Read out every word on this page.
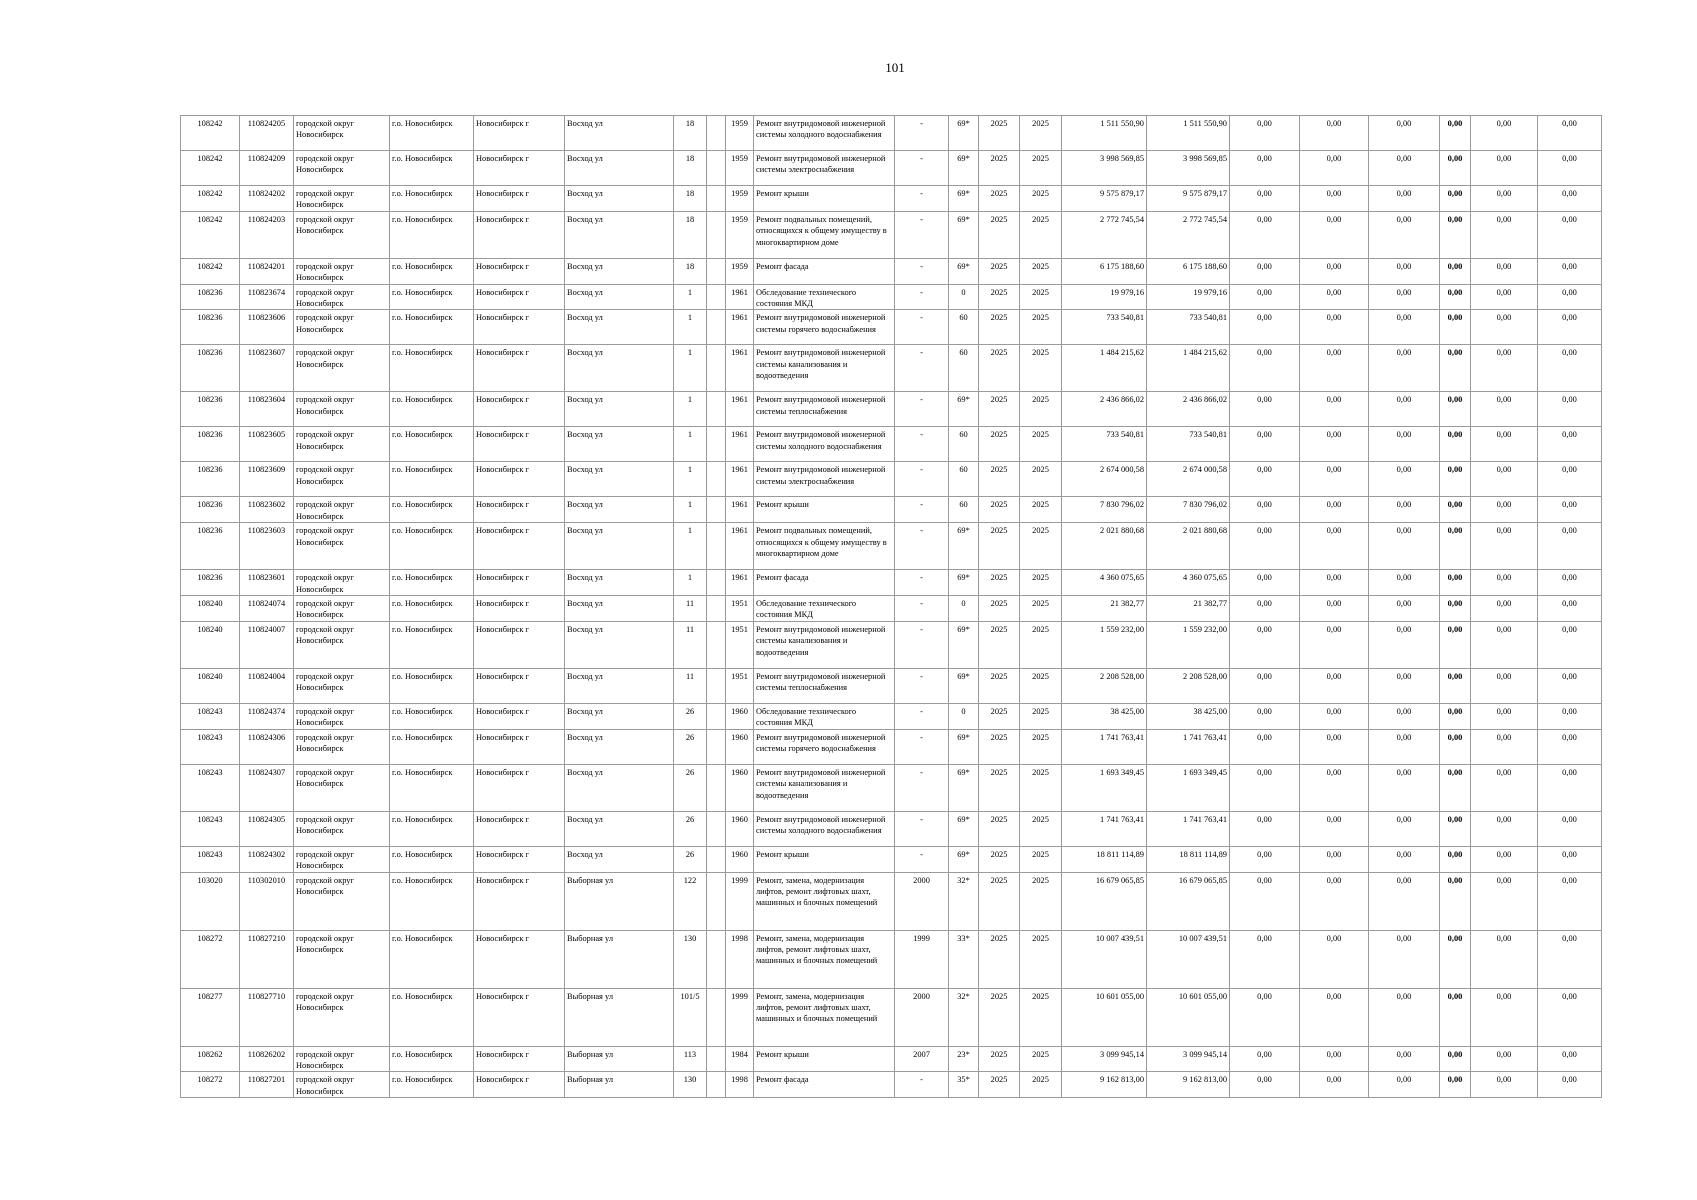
101
108242	110824205	городской округ Новосибирск	г.о. Новосибирск	Новосибирск г	Восход ул	18		1959	Ремонт внутридомовой инженерной системы холодного водоснабжения	-	69*	2025	2025	1 511 550,90	1 511 550,90	0,00	0,00	0,00	0,00	0,00	0,00
108242	110824209	городской округ Новосибирск	г.о. Новосибирск	Новосибирск г	Восход ул	18		1959	Ремонт внутридомовой инженерной системы электроснабжения	-	69*	2025	2025	3 998 569,85	3 998 569,85	0,00	0,00	0,00	0,00	0,00	0,00
108242	110824202	городской округ Новосибирск	г.о. Новосибирск	Новосибирск г	Восход ул	18		1959	Ремонт крыши	-	69*	2025	2025	9 575 879,17	9 575 879,17	0,00	0,00	0,00	0,00	0,00	0,00
108242	110824203	городской округ Новосибирск	г.о. Новосибирск	Новосибирск г	Восход ул	18		1959	Ремонт подвальных помещений, относящихся к общему имуществу в многоквартирном доме	-	69*	2025	2025	2 772 745,54	2 772 745,54	0,00	0,00	0,00	0,00	0,00	0,00
108242	110824201	городской округ Новосибирск	г.о. Новосибирск	Новосибирск г	Восход ул	18		1959	Ремонт фасада	-	69*	2025	2025	6 175 188,60	6 175 188,60	0,00	0,00	0,00	0,00	0,00	0,00
108236	110823674	городской округ Новосибирск	г.о. Новосибирск	Новосибирск г	Восход ул	1		1961	Обследование технического состояния МКД	-	0	2025	2025	19 979,16	19 979,16	0,00	0,00	0,00	0,00	0,00	0,00
108236	110823606	городской округ Новосибирск	г.о. Новосибирск	Новосибирск г	Восход ул	1		1961	Ремонт внутридомовой инженерной системы горячего водоснабжения	-	60	2025	2025	733 540,81	733 540,81	0,00	0,00	0,00	0,00	0,00	0,00
108236	110823607	городской округ Новосибирск	г.о. Новосибирск	Новосибирск г	Восход ул	1		1961	Ремонт внутридомовой инженерной системы канализования и водоотведения	-	60	2025	2025	1 484 215,62	1 484 215,62	0,00	0,00	0,00	0,00	0,00	0,00
108236	110823604	городской округ Новосибирск	г.о. Новосибирск	Новосибирск г	Восход ул	1		1961	Ремонт внутридомовой инженерной системы теплоснабжения	-	69*	2025	2025	2 436 866,02	2 436 866,02	0,00	0,00	0,00	0,00	0,00	0,00
108236	110823605	городской округ Новосибирск	г.о. Новосибирск	Новосибирск г	Восход ул	1		1961	Ремонт внутридомовой инженерной системы холодного водоснабжения	-	60	2025	2025	733 540,81	733 540,81	0,00	0,00	0,00	0,00	0,00	0,00
108236	110823609	городской округ Новосибирск	г.о. Новосибирск	Новосибирск г	Восход ул	1		1961	Ремонт внутридомовой инженерной системы электроснабжения	-	60	2025	2025	2 674 000,58	2 674 000,58	0,00	0,00	0,00	0,00	0,00	0,00
108236	110823602	городской округ Новосибирск	г.о. Новосибирск	Новосибирск г	Восход ул	1		1961	Ремонт крыши	-	60	2025	2025	7 830 796,02	7 830 796,02	0,00	0,00	0,00	0,00	0,00	0,00
108236	110823603	городской округ Новосибирск	г.о. Новосибирск	Новосибирск г	Восход ул	1		1961	Ремонт подвальных помещений, относящихся к общему имуществу в многоквартирном доме	-	69*	2025	2025	2 021 880,68	2 021 880,68	0,00	0,00	0,00	0,00	0,00	0,00
108236	110823601	городской округ Новосибирск	г.о. Новосибирск	Новосибирск г	Восход ул	1		1961	Ремонт фасада	-	69*	2025	2025	4 360 075,65	4 360 075,65	0,00	0,00	0,00	0,00	0,00	0,00
108240	110824074	городской округ Новосибирск	г.о. Новосибирск	Новосибирск г	Восход ул	11		1951	Обследование технического состояния МКД	-	0	2025	2025	21 382,77	21 382,77	0,00	0,00	0,00	0,00	0,00	0,00
108240	110824007	городской округ Новосибирск	г.о. Новосибирск	Новосибирск г	Восход ул	11		1951	Ремонт внутридомовой инженерной системы канализования и водоотведения	-	69*	2025	2025	1 559 232,00	1 559 232,00	0,00	0,00	0,00	0,00	0,00	0,00
108240	110824004	городской округ Новосибирск	г.о. Новосибирск	Новосибирск г	Восход ул	11		1951	Ремонт внутридомовой инженерной системы теплоснабжения	-	69*	2025	2025	2 208 528,00	2 208 528,00	0,00	0,00	0,00	0,00	0,00	0,00
108243	110824374	городской округ Новосибирск	г.о. Новосибирск	Новосибирск г	Восход ул	26		1960	Обследование технического состояния МКД	-	0	2025	2025	38 425,00	38 425,00	0,00	0,00	0,00	0,00	0,00	0,00
108243	110824306	городской округ Новосибирск	г.о. Новосибирск	Новосибирск г	Восход ул	26		1960	Ремонт внутридомовой инженерной системы горячего водоснабжения	-	69*	2025	2025	1 741 763,41	1 741 763,41	0,00	0,00	0,00	0,00	0,00	0,00
108243	110824307	городской округ Новосибирск	г.о. Новосибирск	Новосибирск г	Восход ул	26		1960	Ремонт внутридомовой инженерной системы канализования и водоотведения	-	69*	2025	2025	1 693 349,45	1 693 349,45	0,00	0,00	0,00	0,00	0,00	0,00
108243	110824305	городской округ Новосибирск	г.о. Новосибирск	Новосибирск г	Восход ул	26		1960	Ремонт внутридомовой инженерной системы холодного водоснабжения	-	69*	2025	2025	1 741 763,41	1 741 763,41	0,00	0,00	0,00	0,00	0,00	0,00
108243	110824302	городской округ Новосибирск	г.о. Новосибирск	Новосибирск г	Восход ул	26		1960	Ремонт крыши	-	69*	2025	2025	18 811 114,89	18 811 114,89	0,00	0,00	0,00	0,00	0,00	0,00
103020	110302010	городской округ Новосибирск	г.о. Новосибирск	Новосибирск г	Выборная ул	122		1999	Ремонт, замена, модернизация лифтов, ремонт лифтовых шахт, машинных и блочных помещений	2000	32*	2025	2025	16 679 065,85	16 679 065,85	0,00	0,00	0,00	0,00	0,00	0,00
108272	110827210	городской округ Новосибирск	г.о. Новосибирск	Новосибирск г	Выборная ул	130		1998	Ремонт, замена, модернизация лифтов, ремонт лифтовых шахт, машинных и блочных помещений	1999	33*	2025	2025	10 007 439,51	10 007 439,51	0,00	0,00	0,00	0,00	0,00	0,00
108277	110827710	городской округ Новосибирск	г.о. Новосибирск	Новосибирск г	Выборная ул	101/5		1999	Ремонт, замена, модернизация лифтов, ремонт лифтовых шахт, машинных и блочных помещений	2000	32*	2025	2025	10 601 055,00	10 601 055,00	0,00	0,00	0,00	0,00	0,00	0,00
108262	110826202	городской округ Новосибирск	г.о. Новосибирск	Новосибирск г	Выборная ул	113		1984	Ремонт крыши	2007	23*	2025	2025	3 099 945,14	3 099 945,14	0,00	0,00	0,00	0,00	0,00	0,00
108272	110827201	городской округ Новосибирск	г.о. Новосибирск	Новосибирск г	Выборная ул	130		1998	Ремонт фасада	-	35*	2025	2025	9 162 813,00	9 162 813,00	0,00	0,00	0,00	0,00	0,00	0,00
